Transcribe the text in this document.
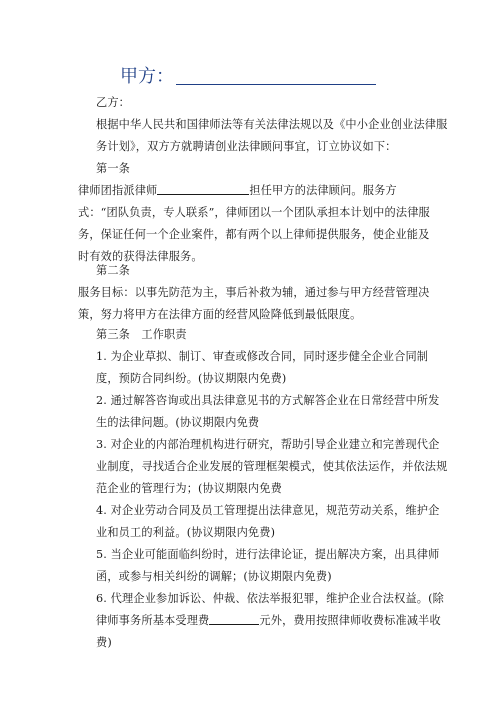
甲方：
乙方：
根据中华人民共和国律师法等有关法律法规以及《中小企业创业法律服务计划》，双方方就聘请创业法律顾问事宜，订立协议如下：
第一条
律师团指派律师	担任甲方的法律顾问。服务方式：“团队负责，专人联系”，律师团以一个团队承担本计划中的法律服务，保证任何一个企业案件，都有两个以上律师提供服务，使企业能及时有效的获得法律服务。
第二条
服务目标：以事先防范为主，事后补救为辅，通过参与甲方经营管理决策，努力将甲方在法律方面的经营风险降低到最低限度。
第三条　工作职责
1. 为企业草拟、制订、审查或修改合同，同时逐步健全企业合同制度，预防合同纠纷。(协议期限内免费)
2. 通过解答咨询或出具法律意见书的方式解答企业在日常经营中所发生的法律问题。(协议期限内免费
3. 对企业的内部治理机构进行研究，帮助引导企业建立和完善现代企业制度，寻找适合企业发展的管理框架模式，使其依法运作，并依法规范企业的管理行为；(协议期限内免费
4. 对企业劳动合同及员工管理提出法律意见，规范劳动关系，维护企业和员工的利益。(协议期限内免费)
5. 当企业可能面临纠纷时，进行法律论证，提出解决方案，出具律师函，或参与相关纠纷的调解；(协议期限内免费)
6. 代理企业参加诉讼、仲裁、依法举报犯罪，维护企业合法权益。(除律师事务所基本受理费	元外，费用按照律师收费标准减半收费)
